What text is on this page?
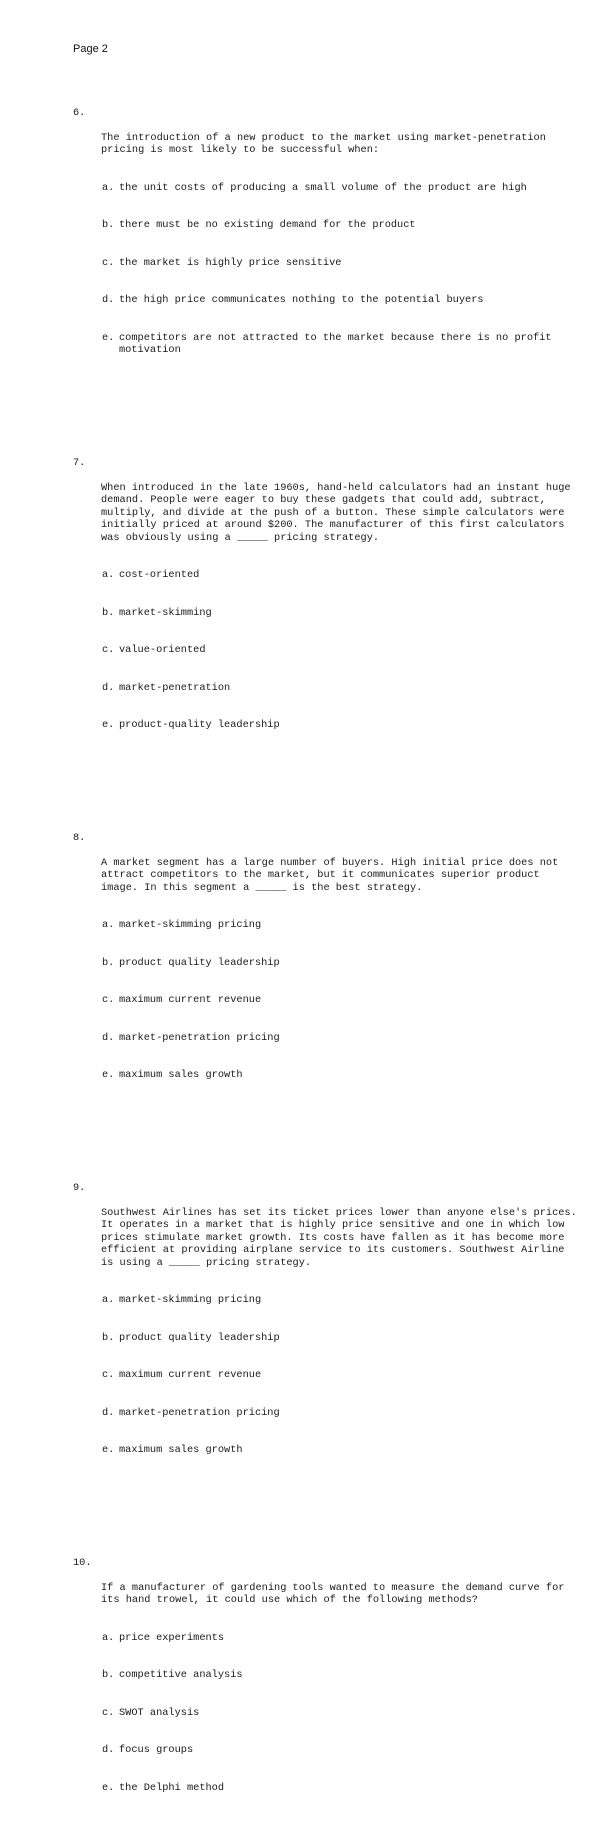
Page 2

6.

The introduction of a new product to the market using market-penetration
pricing is most likely to be successful when:

a. the unit costs of producing a small volume of the product are high

b. there must be no existing demand for the product

c. the market is highly price sensitive

d. the high price communicates nothing to the potential buyers

e. competitors are not attracted to the market because there is no profit
motivation

7.

When introduced in the late 1960s, hand-held calculators had an instant huge
demand. People were eager to buy these gadgets that could add, subtract,
multiply, and divide at the push of a button. These simple calculators were
initially priced at around $200. The manufacturer of this first calculators
was obviously using a _____ pricing strategy.

a. cost-oriented

b. market-skimming

c. value-oriented

d. market-penetration

e. product-quality leadership

8.

A market segment has a large number of buyers. High initial price does not
attract competitors to the market, but it communicates superior product
image. In this segment a _____ is the best strategy.

a. market-skimming pricing

b. product quality leadership

c. maximum current revenue

d. market-penetration pricing

e. maximum sales growth

9.

Southwest Airlines has set its ticket prices lower than anyone else's prices.
It operates in a market that is highly price sensitive and one in which low
prices stimulate market growth. Its costs have fallen as it has become more
efficient at providing airplane service to its customers. Southwest Airline
is using a _____ pricing strategy.

a. market-skimming pricing

b. product quality leadership

c. maximum current revenue

d. market-penetration pricing

e. maximum sales growth

10.

If a manufacturer of gardening tools wanted to measure the demand curve for
its hand trowel, it could use which of the following methods?

a. price experiments

b. competitive analysis

c. SWOT analysis

d. focus groups

e. the Delphi method
